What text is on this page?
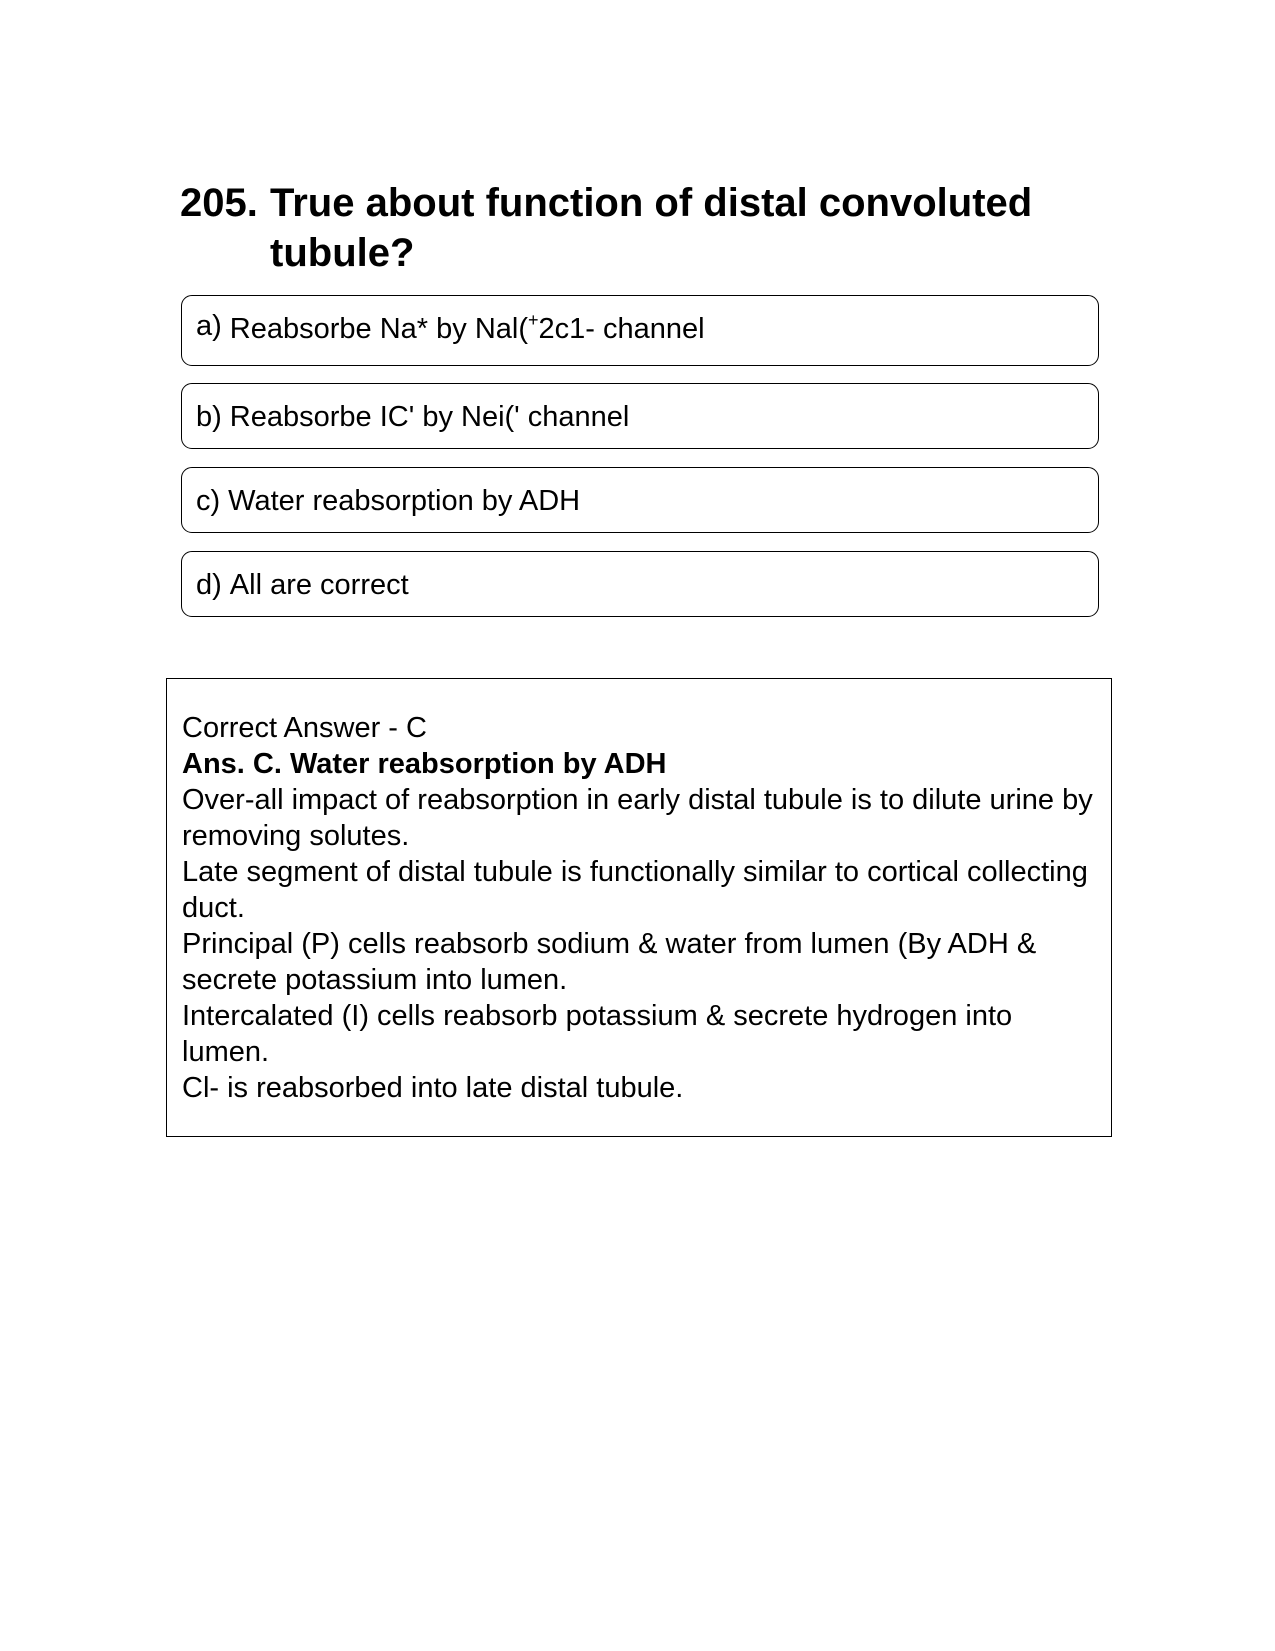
205. True about function of distal convoluted tubule?
a) Reabsorbe Na* by Nal(+2c1- channel
b) Reabsorbe IC' by Nei(' channel
c) Water reabsorption by ADH
d) All are correct

Correct Answer - C

Ans. C. Water reabsorption by ADH

Over-all impact of reabsorption in early distal tubule is to dilute urine by removing solutes.

Late segment of distal tubule is functionally similar to cortical collecting duct.

Principal (P) cells reabsorb sodium & water from lumen (By ADH & secrete potassium into lumen.

Intercalated (I) cells reabsorb potassium & secrete hydrogen into lumen.

Cl- is reabsorbed into late distal tubule.
